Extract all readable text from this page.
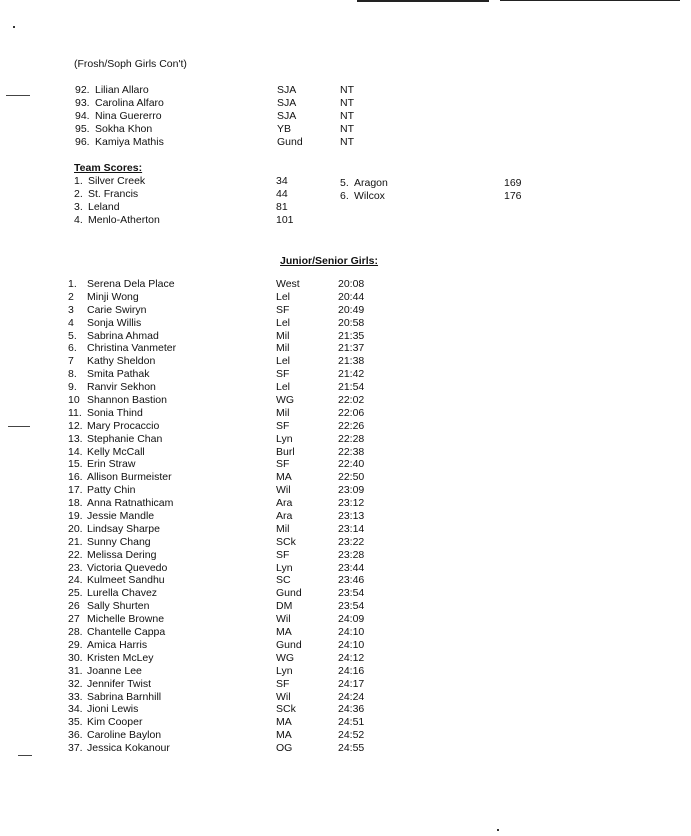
(Frosh/Soph Girls Con't)
92. Lilian Allaro	SJA	NT
93. Carolina Alfaro	SJA	NT
94. Nina Guererro	SJA	NT
95. Sokha Khon	YB	NT
96. Kamiya Mathis	Gund	NT
Team Scores:
1. Silver Creek	34
2. St. Francis	44
3. Leland	81
4. Menlo-Atherton	101
5. Aragon	169
6. Wilcox	176
Junior/Senior Girls:
1. Serena Dela Place	West	20:08
2 Minji Wong	Lel	20:44
3 Carie Swiryn	SF	20:49
4 Sonja Willis	Lel	20:58
5. Sabrina Ahmad	Mil	21:35
6. Christina Vanmeter	Mil	21:37
7 Kathy Sheldon	Lel	21:38
8. Smita Pathak	SF	21:42
9. Ranvir Sekhon	Lel	21:54
10 Shannon Bastion	WG	22:02
11. Sonia Thind	Mil	22:06
12. Mary Procaccio	SF	22:26
13. Stephanie Chan	Lyn	22:28
14. Kelly McCall	Burl	22:38
15. Erin Straw	SF	22:40
16. Allison Burmeister	MA	22:50
17. Patty Chin	Wil	23:09
18. Anna Ratnathicam	Ara	23:12
19. Jessie Mandle	Ara	23:13
20. Lindsay Sharpe	Mil	23:14
21. Sunny Chang	SCk	23:22
22. Melissa Dering	SF	23:28
23. Victoria Quevedo	Lyn	23:44
24. Kulmeet Sandhu	SC	23:46
25. Lurella Chavez	Gund	23:54
26 Sally Shurten	DM	23:54
27 Michelle Browne	Wil	24:09
28. Chantelle Cappa	MA	24:10
29. Amica Harris	Gund	24:10
30. Kristen McLey	WG	24:12
31. Joanne Lee	Lyn	24:16
32. Jennifer Twist	SF	24:17
33. Sabrina Barnhill	Wil	24:24
34. Jioni Lewis	SCk	24:36
35. Kim Cooper	MA	24:51
36. Caroline Baylon	MA	24:52
37. Jessica Kokanour	OG	24:55
